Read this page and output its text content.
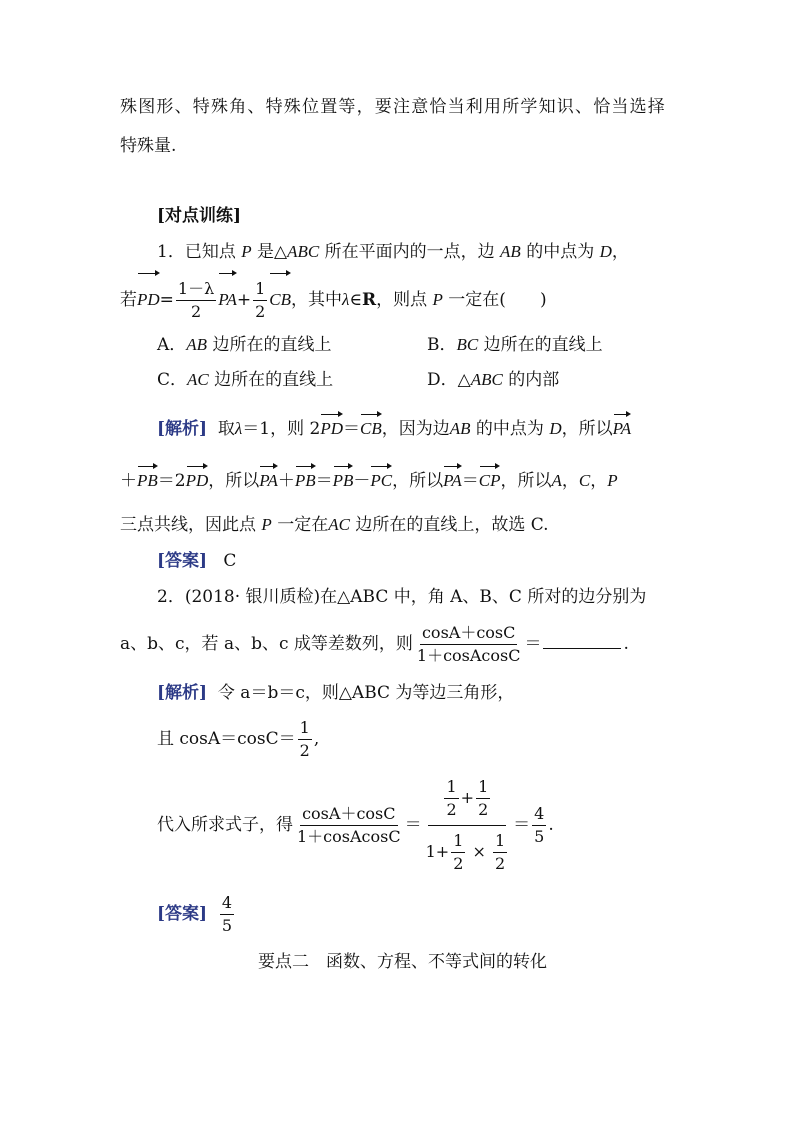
殊图形、特殊角、特殊位置等，要注意恰当利用所学知识、恰当选择
特殊量.
[对点训练]
1．已知点 P 是△ABC 所在平面内的一点，边 AB 的中点为 D，
若$PD= \frac{1-\lambda}{2} PA+ \frac{1}{2}$ CB，其中λ∈R，则点 P 一定在(　　)
A．AB 边所在的直线上	B．BC 边所在的直线上
C．AC 边所在的直线上	D．△ABC 的内部
[解析] 取λ＝1，则 2PD＝CB，因为边AB 的中点为 D，所以PA
＋PB＝2PD，所以PA＋PB＝PB－PC，所以PA＝CP，所以A，C，P
三点共线，因此点 P 一定在AC 边所在的直线上，故选 C.
[答案] C
2．(2018· 银川质检)在△ABC 中，角 A、B、C 所对的边分别为
a、b、c，若 a、b、c 成等差数列，则 $\frac{\cos A+\cos C}{\text{1＋cosAcosC}}$ ＝	.
[解析] 令 a＝b＝c，则△ABC 为等边三角形，
且 $\cos A=\cos C= \frac{1}{2}$ ,
代入所求式子，得 $\frac{\cos A+\cos C}{\text{1＋cosAcosC}} = \frac{\frac{1}{2} + \frac{1}{2}}{1+ \frac{1}{2} \times \frac{1}{2}} = \frac{4}{5}$ .
[答案] $\frac{4}{5}$
要点二　函数、方程、不等式间的转化
